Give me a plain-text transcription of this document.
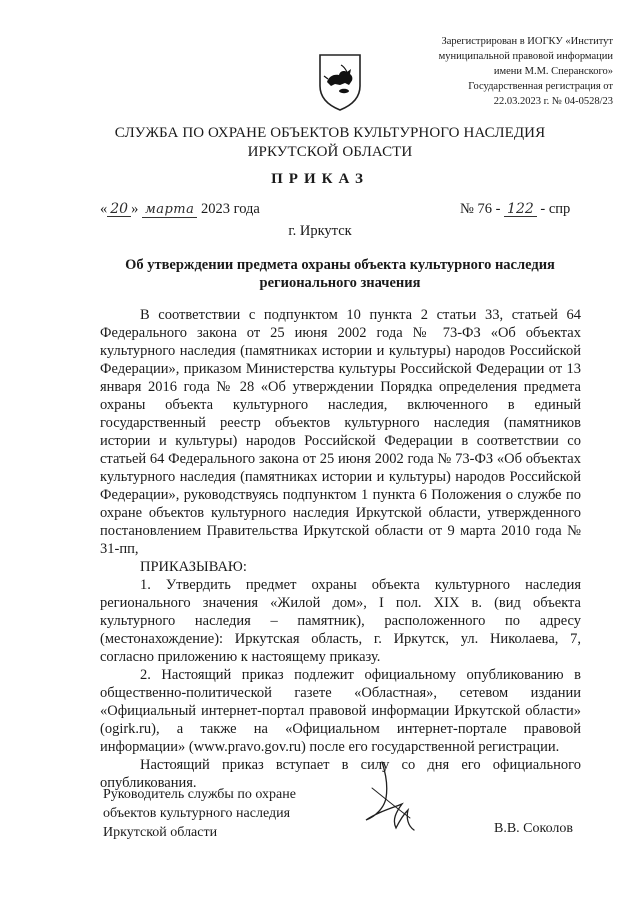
Зарегистрирован в ИОГКУ «Институт
муниципальной правовой информации
имени М.М. Сперанского»
Государственная регистрация от
22.03.2023 г. № 04-0528/23
СЛУЖБА ПО ОХРАНЕ ОБЪЕКТОВ КУЛЬТУРНОГО НАСЛЕДИЯ
ИРКУТСКОЙ ОБЛАСТИ
ПРИКАЗ
« 20 » марта 2023 года	№ 76 - 122 - спр
г. Иркутск
Об утверждении предмета охраны объекта культурного наследия
регионального значения

В соответствии с подпунктом 10 пункта 2 статьи 33, статьей 64 Федерального закона от 25 июня 2002 года № 73-ФЗ «Об объектах культурного наследия (памятниках истории и культуры) народов Российской Федерации», приказом Министерства культуры Российской Федерации от 13 января 2016 года № 28 «Об утверждении Порядка определения предмета охраны объекта культурного наследия, включенного в единый государственный реестр объектов культурного наследия (памятников истории и культуры) народов Российской Федерации в соответствии со статьей 64 Федерального закона от 25 июня 2002 года № 73-ФЗ «Об объектах культурного наследия (памятниках истории и культуры) народов Российской Федерации», руководствуясь подпунктом 1 пункта 6 Положения о службе по охране объектов культурного наследия Иркутской области, утвержденного постановлением Правительства Иркутской области от 9 марта 2010 года № 31-пп,

ПРИКАЗЫВАЮ:

1. Утвердить предмет охраны объекта культурного наследия регионального значения «Жилой дом», I пол. XIX в. (вид объекта культурного наследия – памятник), расположенного по адресу (местонахождение): Иркутская область, г. Иркутск, ул. Николаева, 7, согласно приложению к настоящему приказу.

2. Настоящий приказ подлежит официальному опубликованию в общественно-политической газете «Областная», сетевом издании «Официальный интернет-портал правовой информации Иркутской области» (ogirk.ru), а также на «Официальном интернет-портале правовой информации» (www.pravo.gov.ru) после его государственной регистрации.

Настоящий приказ вступает в силу со дня его официального опубликования.

Руководитель службы по охране
объектов культурного наследия
Иркутской области	В.В. Соколов
